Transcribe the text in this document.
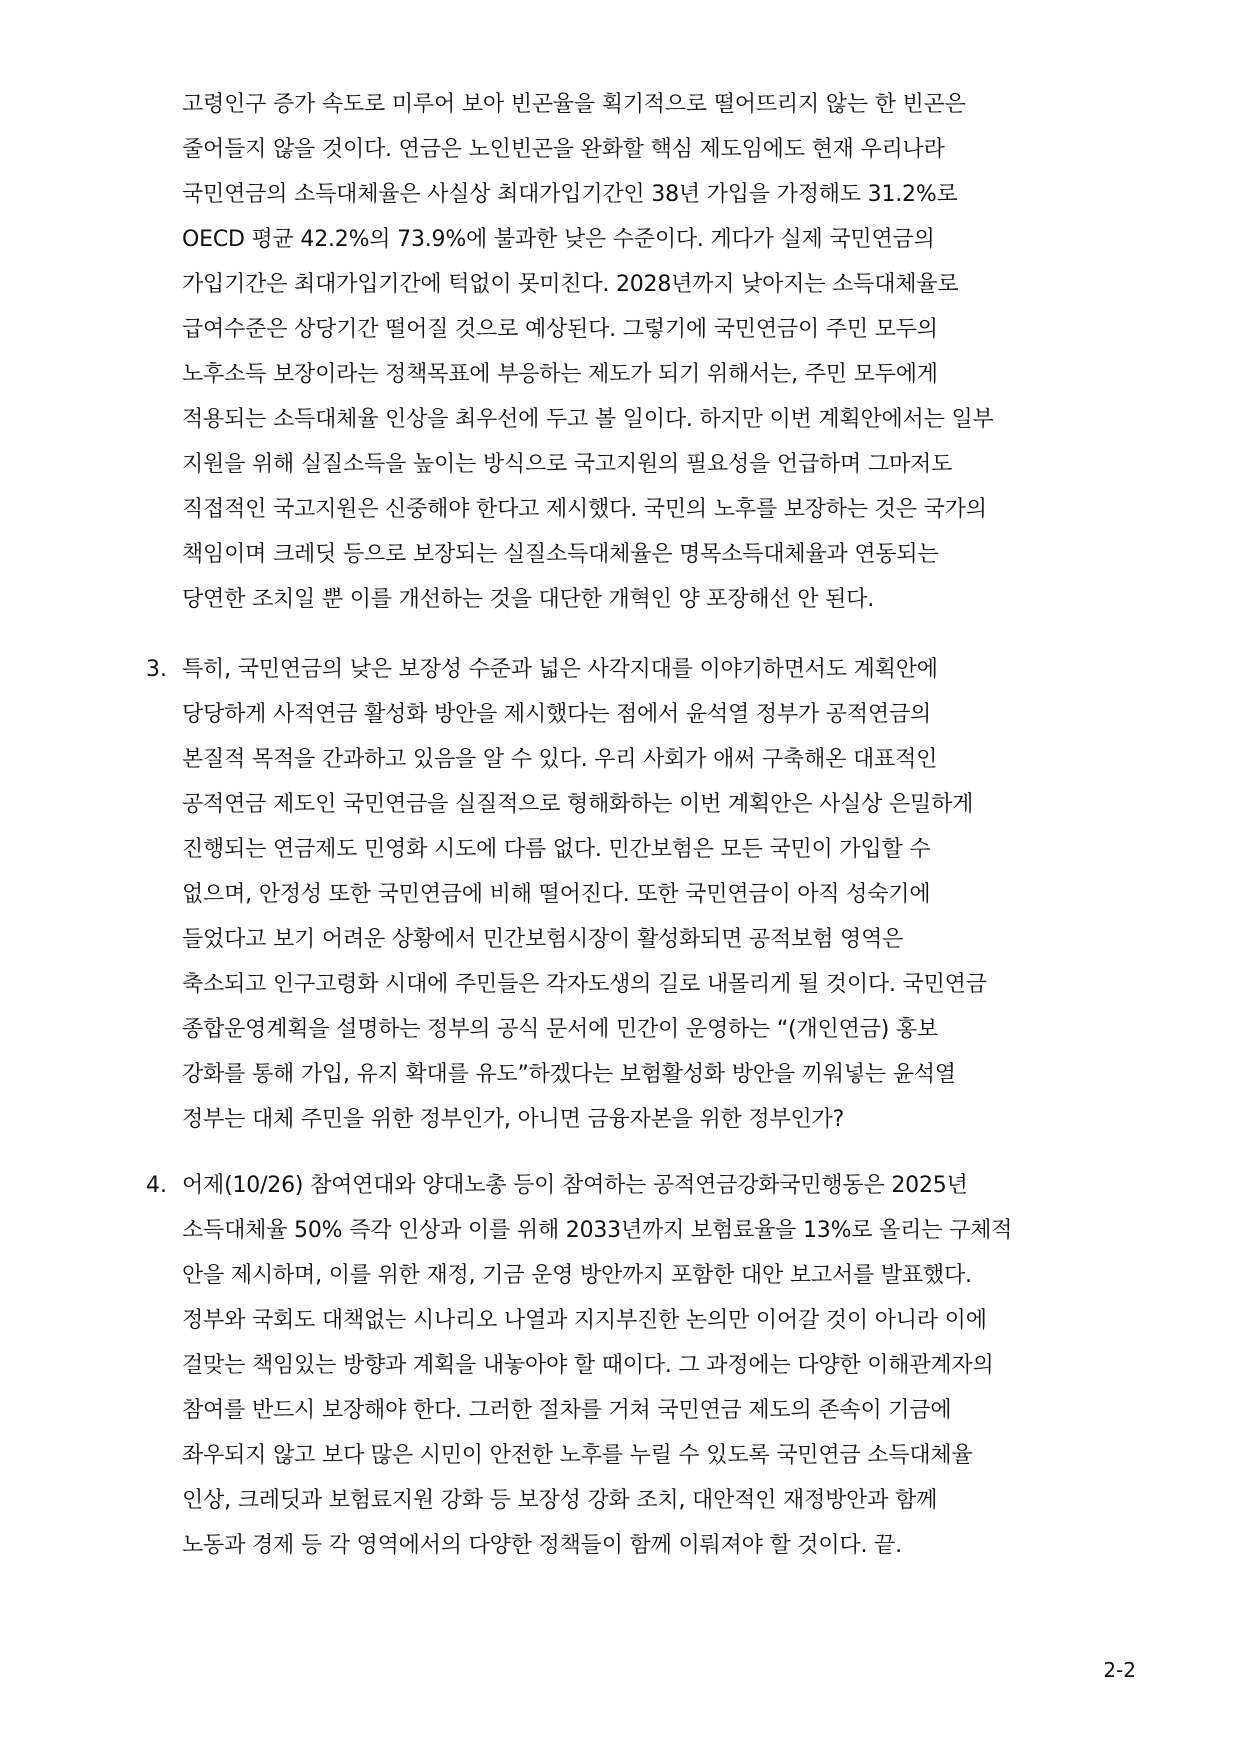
고령인구 증가 속도로 미루어 보아 빈곤율을 획기적으로 떨어뜨리지 않는 한 빈곤은
줄어들지 않을 것이다. 연금은 노인빈곤을 완화할 핵심 제도임에도 현재 우리나라
국민연금의 소득대체율은 사실상 최대가입기간인 38년 가입을 가정해도 31.2%로
OECD 평균 42.2%의 73.9%에 불과한 낮은 수준이다. 게다가 실제 국민연금의
가입기간은 최대가입기간에 턱없이 못미친다. 2028년까지 낮아지는 소득대체율로
급여수준은 상당기간 떨어질 것으로 예상된다. 그렇기에 국민연금이 주민 모두의
노후소득 보장이라는 정책목표에 부응하는 제도가 되기 위해서는, 주민 모두에게
적용되는 소득대체율 인상을 최우선에 두고 볼 일이다. 하지만 이번 계획안에서는 일부
지원을 위해 실질소득을 높이는 방식으로 국고지원의 필요성을 언급하며 그마저도
직접적인 국고지원은 신중해야 한다고 제시했다. 국민의 노후를 보장하는 것은 국가의
책임이며 크레딧 등으로 보장되는 실질소득대체율은 명목소득대체율과 연동되는
당연한 조치일 뿐 이를 개선하는 것을 대단한 개혁인 양 포장해선 안 된다.
3. 특히, 국민연금의 낮은 보장성 수준과 넓은 사각지대를 이야기하면서도 계획안에
당당하게 사적연금 활성화 방안을 제시했다는 점에서 윤석열 정부가 공적연금의
본질적 목적을 간과하고 있음을 알 수 있다. 우리 사회가 애써 구축해온 대표적인
공적연금 제도인 국민연금을 실질적으로 형해화하는 이번 계획안은 사실상 은밀하게
진행되는 연금제도 민영화 시도에 다름 없다. 민간보험은 모든 국민이 가입할 수
없으며, 안정성 또한 국민연금에 비해 떨어진다. 또한 국민연금이 아직 성숙기에
들었다고 보기 어려운 상황에서 민간보험시장이 활성화되면 공적보험 영역은
축소되고 인구고령화 시대에 주민들은 각자도생의 길로 내몰리게 될 것이다. 국민연금
종합운영계획을 설명하는 정부의 공식 문서에 민간이 운영하는 “(개인연금) 홍보
강화를 통해 가입, 유지 확대를 유도”하겠다는 보험활성화 방안을 끼워넣는 윤석열
정부는 대체 주민을 위한 정부인가, 아니면 금융자본을 위한 정부인가?
4. 어제(10/26) 참여연대와 양대노총 등이 참여하는 공적연금강화국민행동은 2025년
소득대체율 50% 즉각 인상과 이를 위해 2033년까지 보험료율을 13%로 올리는 구체적
안을 제시하며, 이를 위한 재정, 기금 운영 방안까지 포함한 대안 보고서를 발표했다.
정부와 국회도 대책없는 시나리오 나열과 지지부진한 논의만 이어갈 것이 아니라 이에
걸맞는 책임있는 방향과 계획을 내놓아야 할 때이다. 그 과정에는 다양한 이해관계자의
참여를 반드시 보장해야 한다. 그러한 절차를 거쳐 국민연금 제도의 존속이 기금에
좌우되지 않고 보다 많은 시민이 안전한 노후를 누릴 수 있도록 국민연금 소득대체율
인상, 크레딧과 보험료지원 강화 등 보장성 강화 조치, 대안적인 재정방안과 함께
노동과 경제 등 각 영역에서의 다양한 정책들이 함께 이뤄져야 할 것이다. 끝.
2-2
